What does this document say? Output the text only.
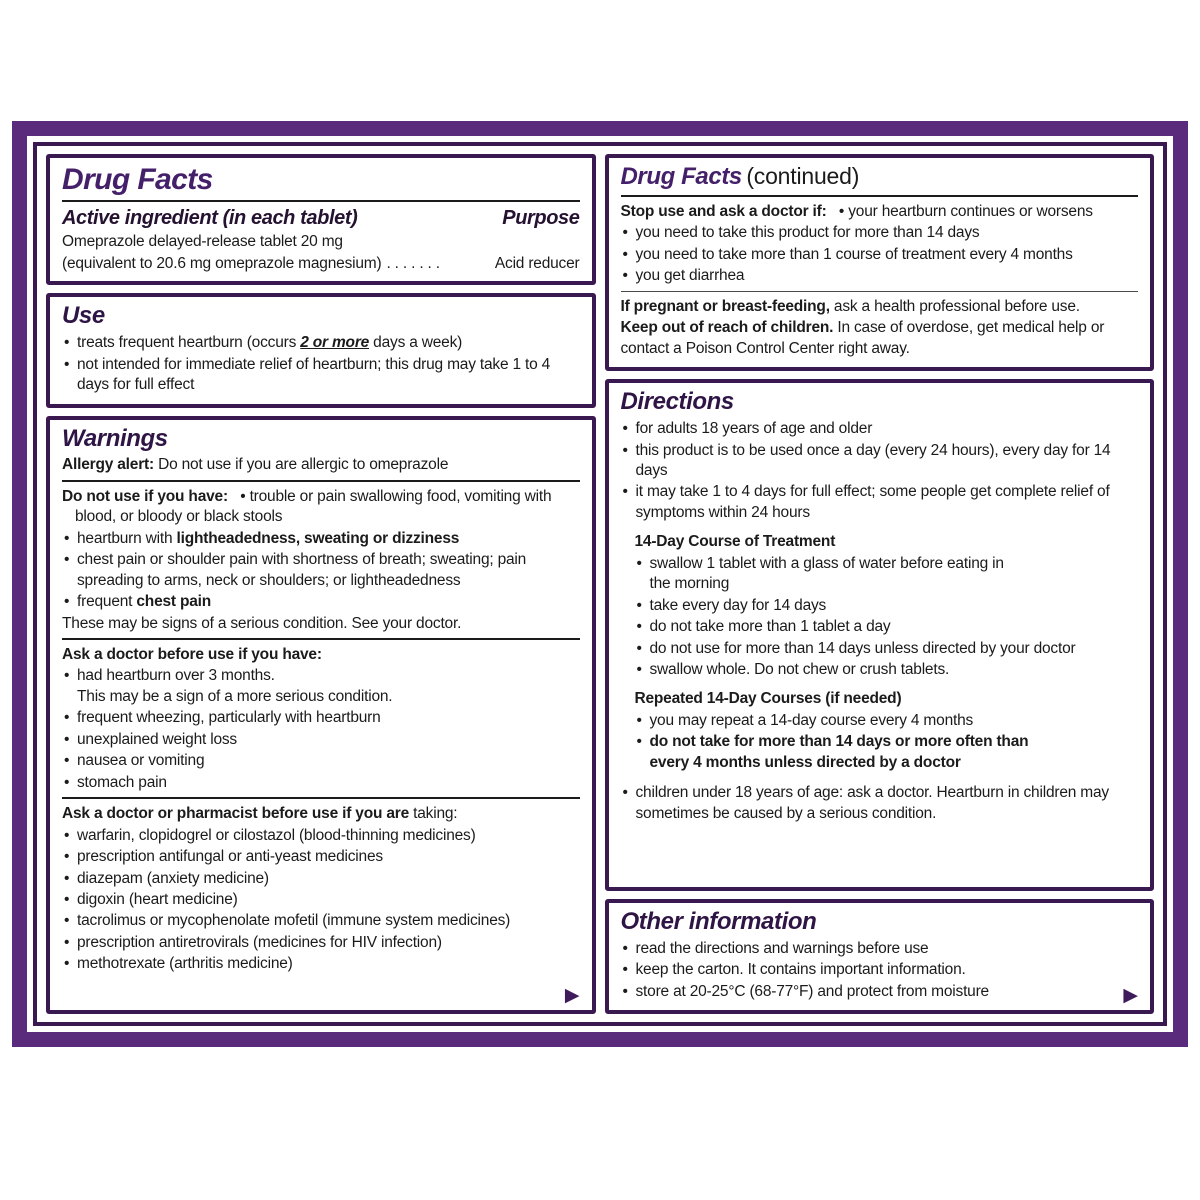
Drug Facts
Active ingredient (in each tablet)	Purpose
Omeprazole delayed-release tablet 20 mg
(equivalent to 20.6 mg omeprazole magnesium) . . . . . . .	Acid reducer
Use
• treats frequent heartburn (occurs 2 or more days a week)
• not intended for immediate relief of heartburn; this drug may take 1 to 4 days for full effect
Warnings
Allergy alert: Do not use if you are allergic to omeprazole
Do not use if you have:   • trouble or pain swallowing food, vomiting with blood, or bloody or black stools
• heartburn with lightheadedness, sweating or dizziness
• chest pain or shoulder pain with shortness of breath; sweating; pain spreading to arms, neck or shoulders; or lightheadedness
• frequent chest pain
These may be signs of a serious condition. See your doctor.
Ask a doctor before use if you have:
• had heartburn over 3 months.
This may be a sign of a more serious condition.
• frequent wheezing, particularly with heartburn
• unexplained weight loss
• nausea or vomiting
• stomach pain
Ask a doctor or pharmacist before use if you are taking:
• warfarin, clopidogrel or cilostazol (blood-thinning medicines)
• prescription antifungal or anti-yeast medicines
• diazepam (anxiety medicine)
• digoxin (heart medicine)
• tacrolimus or mycophenolate mofetil (immune system medicines)
• prescription antiretrovirals (medicines for HIV infection)
• methotrexate (arthritis medicine)
▶
Drug Facts (continued)
Stop use and ask a doctor if:   • your heartburn continues or worsens
• you need to take this product for more than 14 days
• you need to take more than 1 course of treatment every 4 months
• you get diarrhea
If pregnant or breast-feeding, ask a health professional before use.
Keep out of reach of children. In case of overdose, get medical help or contact a Poison Control Center right away.
Directions
• for adults 18 years of age and older
• this product is to be used once a day (every 24 hours), every day for 14 days
• it may take 1 to 4 days for full effect; some people get complete relief of symptoms within 24 hours
14-Day Course of Treatment
• swallow 1 tablet with a glass of water before eating in
the morning
• take every day for 14 days
• do not take more than 1 tablet a day
• do not use for more than 14 days unless directed by your doctor
• swallow whole. Do not chew or crush tablets.
Repeated 14-Day Courses (if needed)
• you may repeat a 14-day course every 4 months
• do not take for more than 14 days or more often than
every 4 months unless directed by a doctor
• children under 18 years of age: ask a doctor. Heartburn in children may sometimes be caused by a serious condition.
Other information
• read the directions and warnings before use
• keep the carton. It contains important information.
• store at 20-25°C (68-77°F) and protect from moisture	▶
